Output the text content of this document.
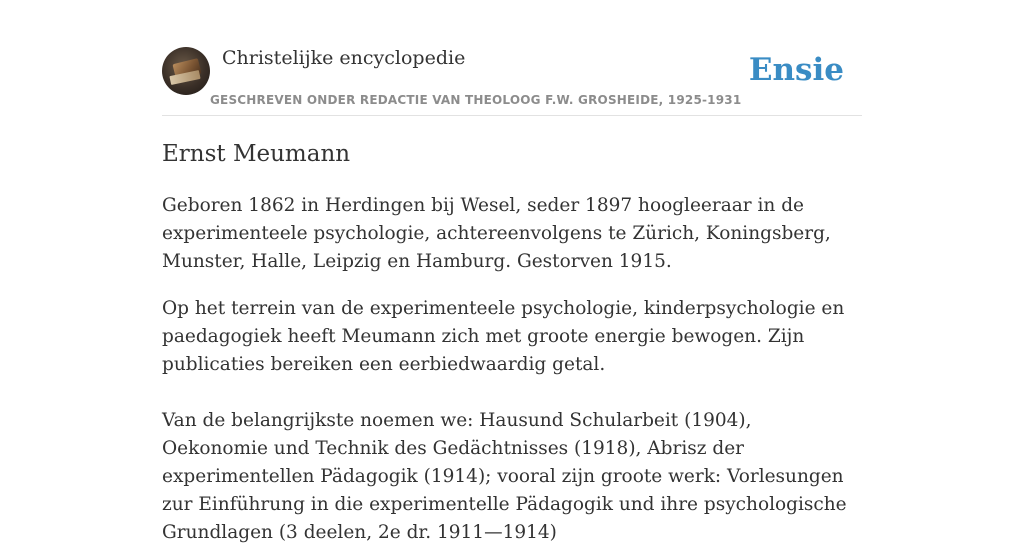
Christelijke encyclopedie
GESCHREVEN ONDER REDACTIE VAN THEOLOOG F.W. GROSHEIDE, 1925-1931
Ensie
Ernst Meumann

Geboren 1862 in Herdingen bij Wesel, seder 1897 hoogleeraar in de experimenteele psychologie, achtereenvolgens te Zürich, Koningsberg, Munster, Halle, Leipzig en Hamburg. Gestorven 1915.

Op het terrein van de experimenteele psychologie, kinderpsychologie en paedagogiek heeft Meumann zich met groote energie bewogen. Zijn publicaties bereiken een eerbiedwaardig getal.

Van de belangrijkste noemen we: Hausund Schularbeit (1904), Oekonomie und Technik des Gedächtnisses (1918), Abrisz der experimentellen Pädagogik (1914); vooral zijn groote werk: Vorlesungen zur Einführung in die experimentelle Pädagogik und ihre psychologische Grundlagen (3 deelen, 2e dr. 1911—1914)
